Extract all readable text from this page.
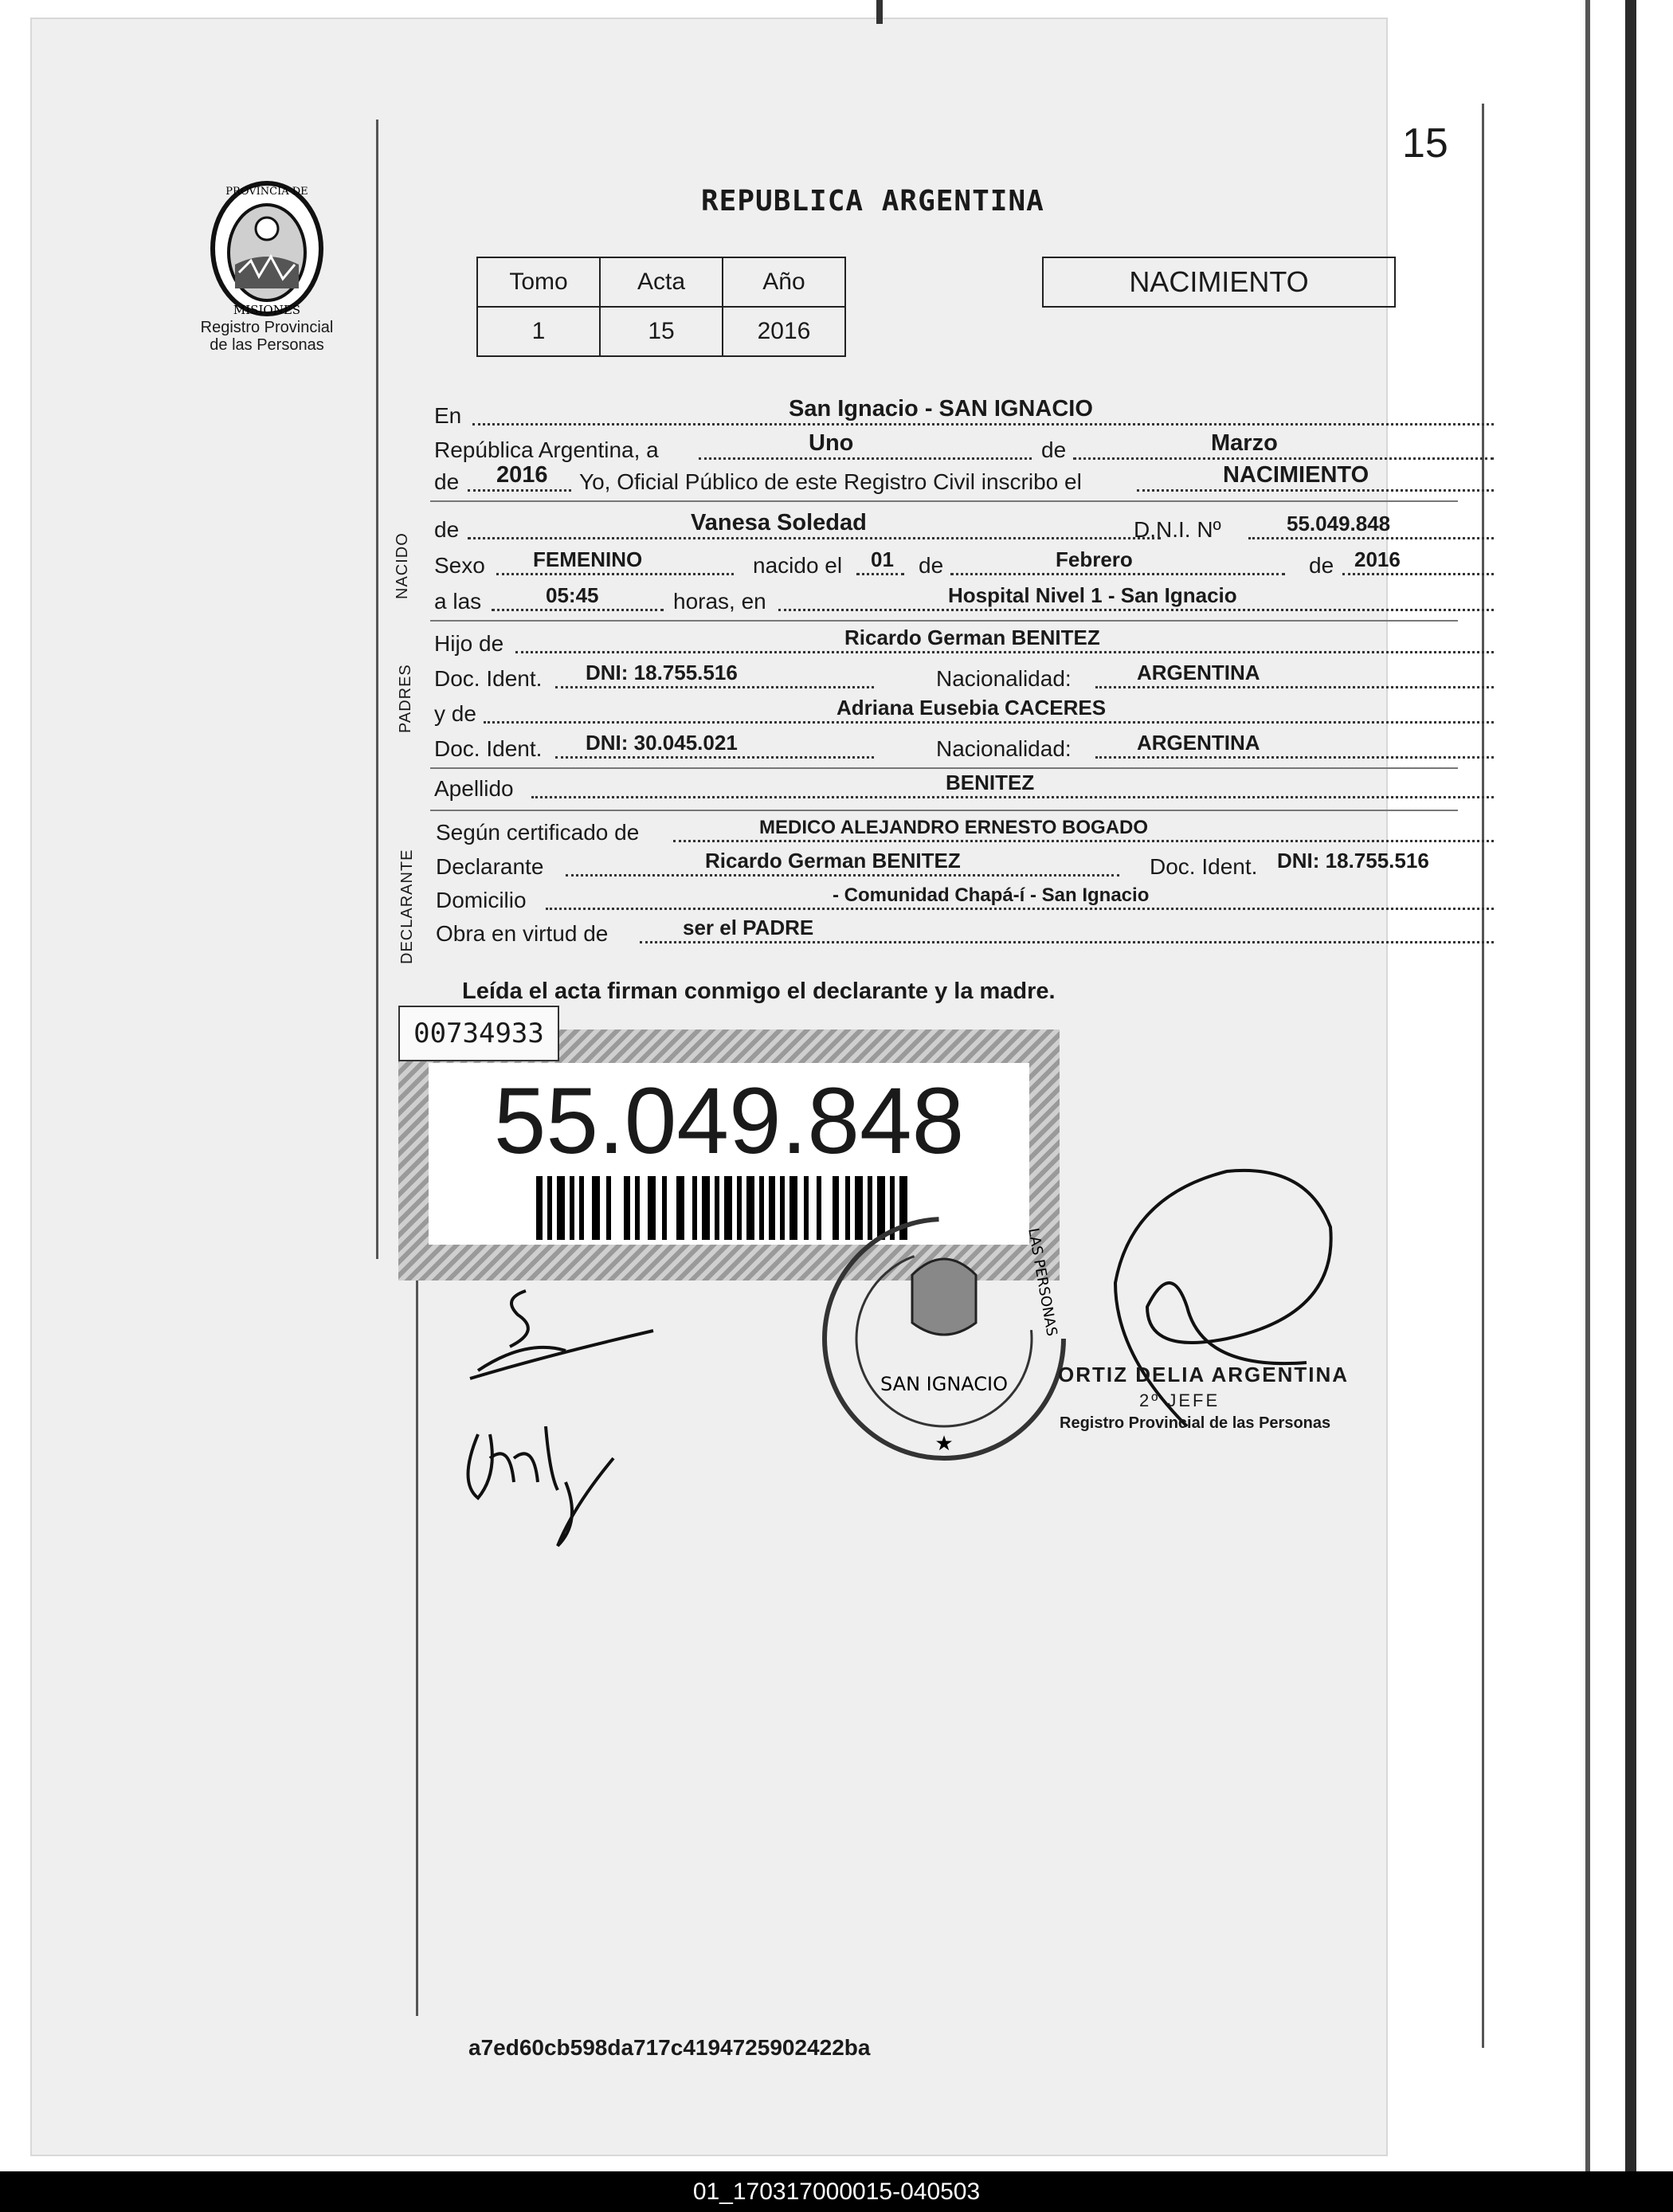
15
PROVINCIA DE
MISIONES
Registro Provincial
de las Personas
REPUBLICA ARGENTINA
Tomo	Acta	Año
1	15	2016
NACIMIENTO
En	San Ignacio - SAN IGNACIO
República Argentina, a	Uno	de	Marzo
de 2016 Yo, Oficial Público de este Registro Civil inscribo el	NACIMIENTO
NACIDO
de	Vanesa Soledad	D.N.I. Nº	55.049.848
Sexo FEMENINO	nacido el 01 de	Febrero	de 2016
a las	05:45	horas, en	Hospital Nivel 1 - San Ignacio
PADRES
Hijo de	Ricardo German BENITEZ
Doc. Ident. DNI: 18.755.516	Nacionalidad:	ARGENTINA
y de	Adriana Eusebia CACERES
Doc. Ident. DNI: 30.045.021	Nacionalidad:	ARGENTINA
Apellido	BENITEZ
DECLARANTE
Según certificado de	MEDICO ALEJANDRO ERNESTO BOGADO
Declarante	Ricardo German BENITEZ	Doc. Ident. DNI: 18.755.516
Domicilio	- Comunidad Chapá-í - San Ignacio
Obra en virtud de	ser el PADRE
Leída el acta firman conmigo el declarante y la madre.
55.049.848
00734933
SAN IGNACIO
LAS PERSONAS
★
ORTIZ DELIA ARGENTINA
2º JEFE
Registro Provincial de las Personas
a7ed60cb598da717c4194725902422ba
01_170317000015-040503
